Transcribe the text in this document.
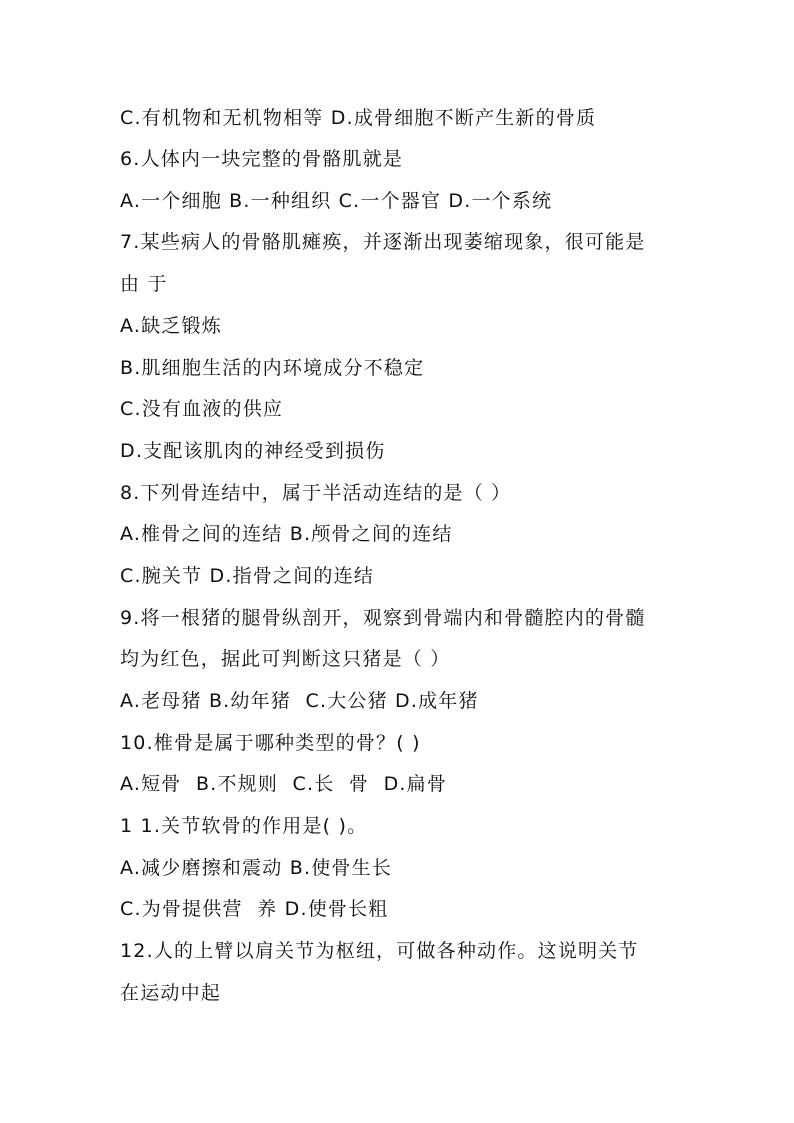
C.有机物和无机物相等 D.成骨细胞不断产生新的骨质
6.人体内一块完整的骨骼肌就是
A.一个细胞 B.一种组织 C.一个器官 D.一个系统
7.某些病人的骨骼肌瘫痪，并逐渐出现萎缩现象，很可能是
由 于
A.缺乏锻炼
B.肌细胞生活的内环境成分不稳定
C.没有血液的供应
D.支配该肌肉的神经受到损伤
8.下列骨连结中，属于半活动连结的是（ ）
A.椎骨之间的连结 B.颅骨之间的连结
C.腕关节 D.指骨之间的连结
9.将一根猪的腿骨纵剖开，观察到骨端内和骨髓腔内的骨髓
均为红色，据此可判断这只猪是（ ）
A.老母猪 B.幼年猪  C.大公猪 D.成年猪
10.椎骨是属于哪种类型的骨？( )
A.短骨  B.不规则  C.长  骨  D.扁骨
1 1.关节软骨的作用是( )。
A.减少磨擦和震动 B.使骨生长
C.为骨提供营  养 D.使骨长粗
12.人的上臂以肩关节为枢纽，可做各种动作。这说明关节
在运动中起
